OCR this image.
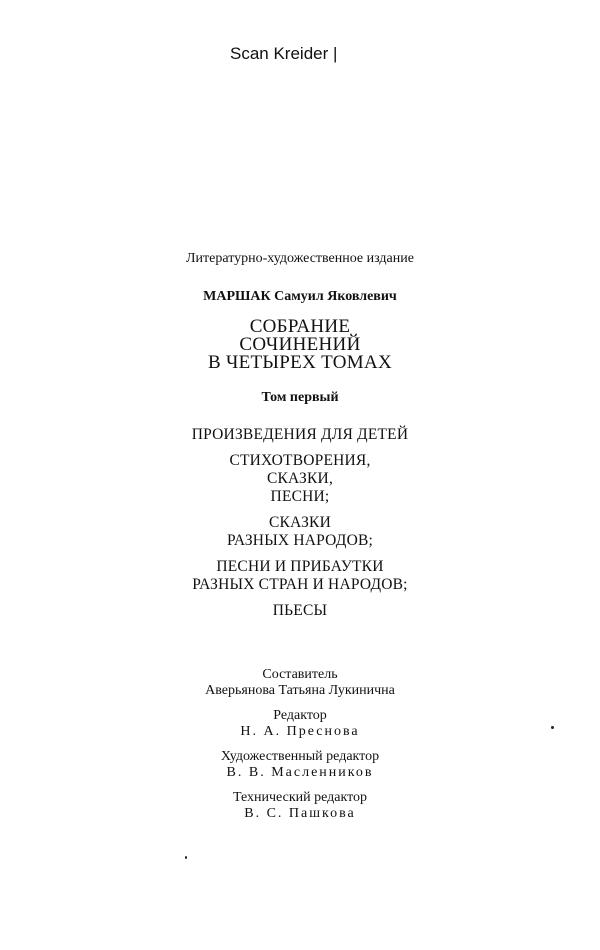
Scan Kreider |
Литературно-художественное издание
МАРШАК Самуил Яковлевич
СОБРАНИЕ
СОЧИНЕНИЙ
В ЧЕТЫРЕХ ТОМАХ
Том первый
ПРОИЗВЕДЕНИЯ ДЛЯ ДЕТЕЙ
СТИХОТВОРЕНИЯ,
СКАЗКИ,
ПЕСНИ;
СКАЗКИ
РАЗНЫХ НАРОДОВ;
ПЕСНИ И ПРИБАУТКИ
РАЗНЫХ СТРАН И НАРОДОВ;
ПЬЕСЫ
Составитель
Аверьянова Татьяна Лукинична
Редактор
Н. А. Преснова
Художественный редактор
В. В. Масленников
Технический редактор
В. С. Пашкова
